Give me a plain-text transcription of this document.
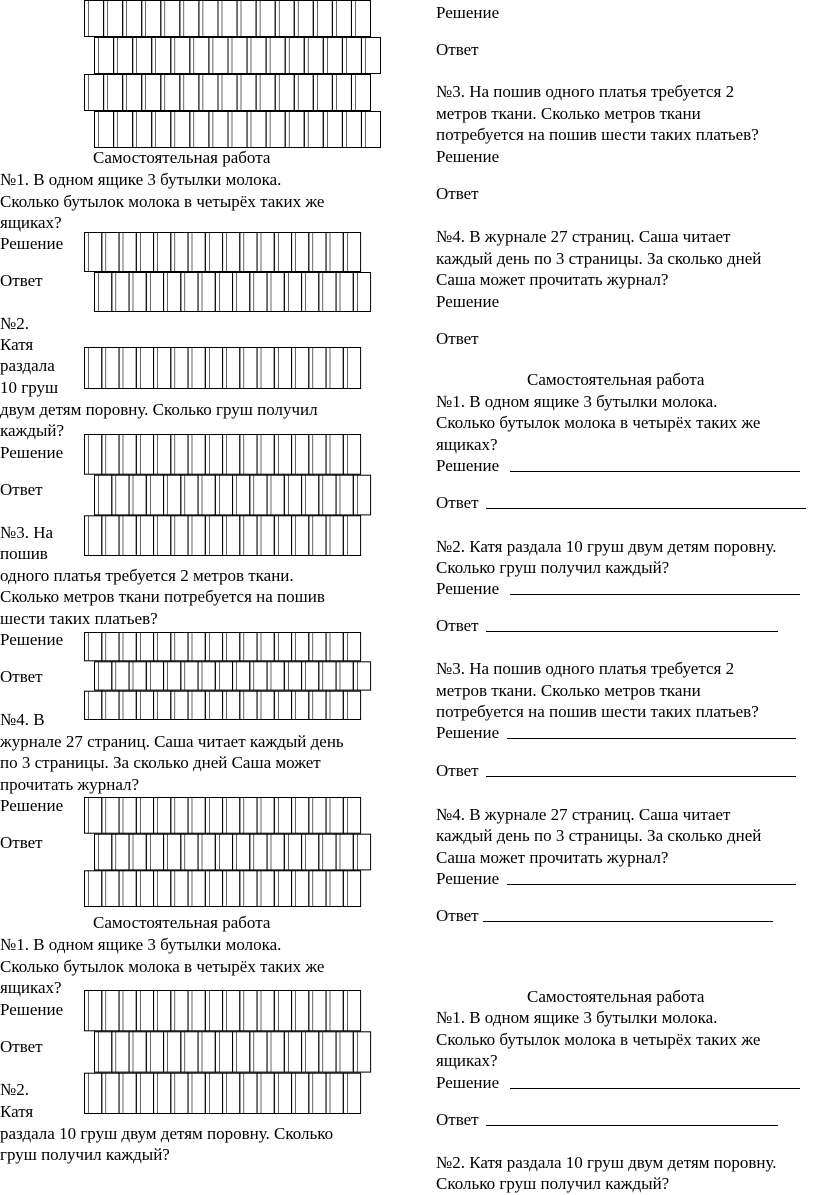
Самостоятельная работа
№1. В одном ящике 3 бутылки молока.
Сколько бутылок молока в четырёх таких же
ящиках?
Решение
Ответ
№2.
Катя
раздала
10 груш
двум детям поровну. Сколько груш получил
каждый?
Решение
Ответ
№3. На
пошив
одного платья требуется 2 метров ткани.
Сколько метров ткани потребуется на пошив
шести таких платьев?
Решение
Ответ
№4. В
журнале 27 страниц. Саша читает каждый день
по 3 страницы. За сколько дней Саша может
прочитать журнал?
Решение
Ответ
Самостоятельная работа
№1. В одном ящике 3 бутылки молока.
Сколько бутылок молока в четырёх таких же
ящиках?
Решение
Ответ
№2.
Катя
раздала 10 груш двум детям поровну. Сколько
груш получил каждый?
Решение
Ответ
№3. На пошив одного платья требуется 2
метров ткани. Сколько метров ткани
потребуется на пошив шести таких платьев?
Решение
Ответ
№4. В журнале 27 страниц. Саша читает
каждый день по 3 страницы. За сколько дней
Саша может прочитать журнал?
Решение
Ответ
Самостоятельная работа
№1. В одном ящике 3 бутылки молока.
Сколько бутылок молока в четырёх таких же
ящиках?
Решение
Ответ
№2. Катя раздала 10 груш двум детям поровну.
Сколько груш получил каждый?
Решение
Ответ
№3. На пошив одного платья требуется 2
метров ткани. Сколько метров ткани
потребуется на пошив шести таких платьев?
Решение
Ответ
№4. В журнале 27 страниц. Саша читает
каждый день по 3 страницы. За сколько дней
Саша может прочитать журнал?
Решение
Ответ
Самостоятельная работа
№1. В одном ящике 3 бутылки молока.
Сколько бутылок молока в четырёх таких же
ящиках?
Решение
Ответ
№2. Катя раздала 10 груш двум детям поровну.
Сколько груш получил каждый?
